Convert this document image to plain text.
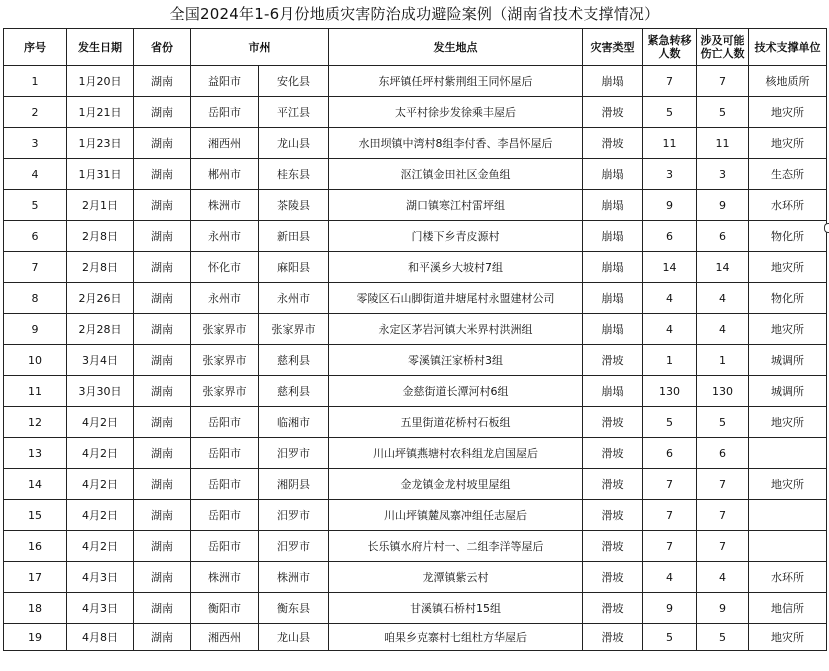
全国2024年1-6月份地质灾害防治成功避险案例（湖南省技术支撑情况）
序号	发生日期	省份	市州		发生地点	灾害类型	紧急转移人数	涉及可能伤亡人数	技术支撑单位
1	1月20日	湖南	益阳市	安化县	东坪镇任坪村紫荆组王同怀屋后	崩塌	7	7	核地质所
2	1月21日	湖南	岳阳市	平江县	太平村徐步发徐乘丰屋后	滑坡	5	5	地灾所
3	1月23日	湖南	湘西州	龙山县	水田坝镇中湾村8组李付香、李昌怀屋后	滑坡	11	11	地灾所
4	1月31日	湖南	郴州市	桂东县	沤江镇金田社区金鱼组	崩塌	3	3	生态所
5	2月1日	湖南	株洲市	茶陵县	湖口镇寒江村雷坪组	崩塌	9	9	水环所
6	2月8日	湖南	永州市	新田县	门楼下乡青皮源村	崩塌	6	6	物化所
7	2月8日	湖南	怀化市	麻阳县	和平溪乡大坡村7组	崩塌	14	14	地灾所
8	2月26日	湖南	永州市	永州市	零陵区石山脚街道井塘尾村永盟建材公司	崩塌	4	4	物化所
9	2月28日	湖南	张家界市	张家界市	永定区茅岩河镇大米界村洪洲组	崩塌	4	4	地灾所
10	3月4日	湖南	张家界市	慈利县	零溪镇汪家桥村3组	滑坡	1	1	城调所
11	3月30日	湖南	张家界市	慈利县	金慈街道长潭河村6组	崩塌	130	130	城调所
12	4月2日	湖南	岳阳市	临湘市	五里街道花桥村石板组	滑坡	5	5	地灾所
13	4月2日	湖南	岳阳市	汨罗市	川山坪镇燕塘村农科组龙启国屋后	滑坡	6	6	
14	4月2日	湖南	岳阳市	湘阴县	金龙镇金龙村坡里屋组	滑坡	7	7	地灾所
15	4月2日	湖南	岳阳市	汨罗市	川山坪镇麓凤寨冲组任志屋后	滑坡	7	7	
16	4月2日	湖南	岳阳市	汨罗市	长乐镇水府片村一、二组李洋等屋后	滑坡	7	7	
17	4月3日	湖南	株洲市	株洲市	龙潭镇紫云村	滑坡	4	4	水环所
18	4月3日	湖南	衡阳市	衡东县	甘溪镇石桥村15组	滑坡	9	9	地信所
19	4月8日	湖南	湘西州	龙山县	咱果乡克寨村七组杜方华屋后	滑坡	5	5	地灾所
